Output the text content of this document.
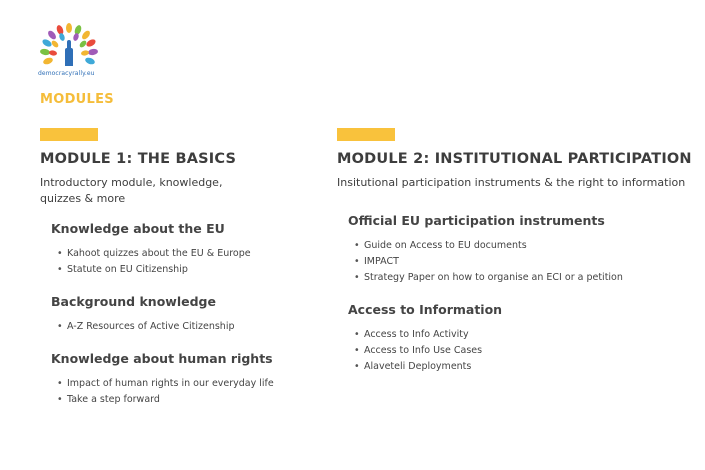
democracyrally.eu
MODULES
MODULE 1: THE BASICS
Introductory module, knowledge, quizzes & more
Knowledge about the EU
• Kahoot quizzes about the EU & Europe
• Statute on EU Citizenship
Background knowledge
• A-Z Resources of Active Citizenship
Knowledge about human rights
• Impact of human rights in our everyday life
• Take a step forward
MODULE 2: INSTITUTIONAL PARTICIPATION
Insitutional participation instruments & the right to information
Official EU participation instruments
• Guide on Access to EU documents
• IMPACT
• Strategy Paper on how to organise an ECI or a petition
Access to Information
• Access to Info Activity
• Access to Info Use Cases
• Alaveteli Deployments
